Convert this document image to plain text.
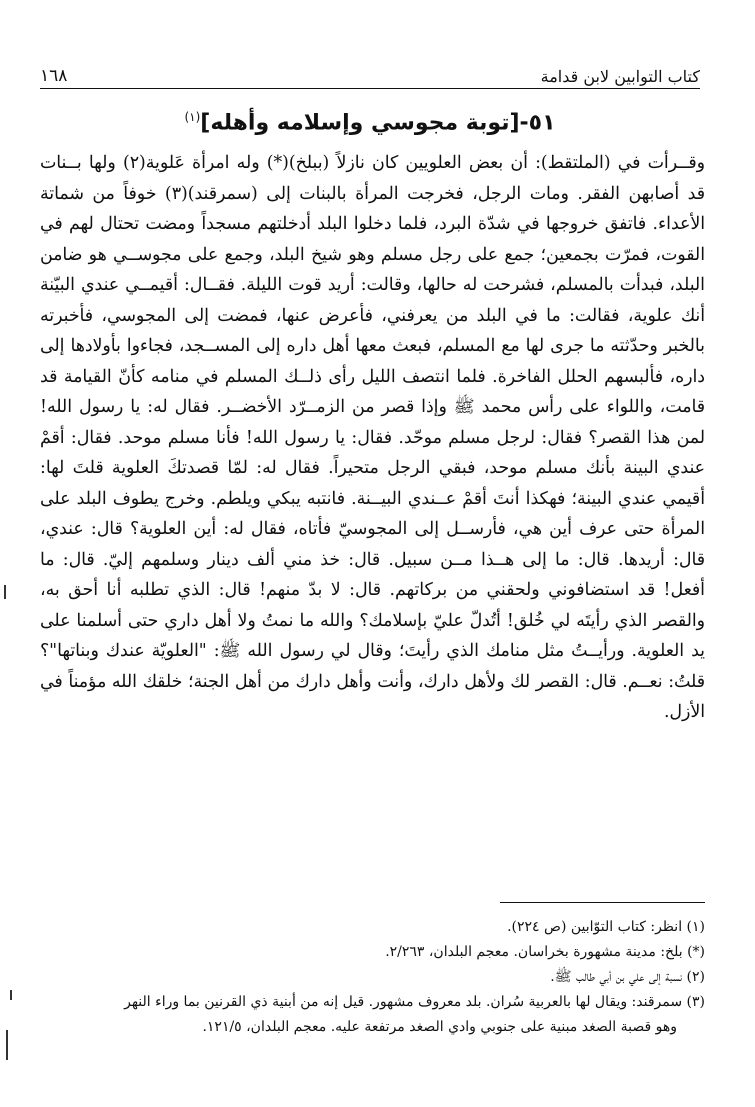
كتاب التوابين لابن قدامة
١٦٨
٥١-[توبة مجوسي وإسلامه وأهله]$^{(١)}$

وقــرأت في (الملتقط): أن بعض العلويين كان نازلاً (ببلخ)(*) وله امرأة عَلوية(٢) ولها بــنات قد أصابهن الفقر. ومات الرجل، فخرجت المرأة بالبنات إلى (سمرقند)(٣) خوفاً من شماتة الأعداء. فاتفق خروجها في شدّة البرد، فلما دخلوا البلد أدخلتهم مسجداً ومضت تحتال لهم في القوت، فمرّت بجمعين؛ جمع على رجل مسلم وهو شيخ البلد، وجمع على مجوســي هو ضامن البلد، فبدأت بالمسلم، فشرحت له حالها، وقالت: أريد قوت الليلة. فقــال: أقيمــي عندي البيّنة أنك علوية، فقالت: ما في البلد من يعرفني، فأعرض عنها، فمضت إلى المجوسي، فأخبرته بالخبر وحدّثته ما جرى لها مع المسلم، فبعث معها أهل داره إلى المســجد، فجاءوا بأولادها إلى داره، فألبسهم الحلل الفاخرة. فلما انتصف الليل رأى ذلــك المسلم في منامه كأنّ القيامة قد قامت، واللواء على رأس محمد ﷺ وإذا قصر من الزمــرّد الأخضــر. فقال له: يا رسول الله! لمن هذا القصر؟ فقال: لرجل مسلم موحّد. فقال: يا رسول الله! فأنا مسلم موحد. فقال: أقمْ عندي البينة بأنك مسلم موحد، فبقي الرجل متحيراً. فقال له: لمّا قصدتكَ العلوية قلتَ لها: أقيمي عندي البينة؛ فهكذا أنتَ أقمْ عــندي البيــنة. فانتبه يبكي ويلطم. وخرج يطوف البلد على المرأة حتى عرف أين هي، فأرســل إلى المجوسيّ فأتاه، فقال له: أين العلوية؟ قال: عندي، قال: أريدها. قال: ما إلى هــذا مــن سبيل. قال: خذ مني ألف دينار وسلمهم إليّ. قال: ما أفعل! قد استضافوني ولحقني من بركاتهم. قال: لا بدّ منهم! قال: الذي تطلبه أنا أحق به، والقصر الذي رأيتَه لي خُلق! أتُدلّ عليّ بإسلامك؟ والله ما نمتُ ولا أهل داري حتى أسلمنا على يد العلوية. ورأيــتُ مثل منامك الذي رأيتَ؛ وقال لي رسول الله ﷺ: "العلويّة عندك وبناتها"؟ قلتُ: نعــم. قال: القصر لك ولأهل دارك، وأنت وأهل دارك من أهل الجنة؛ خلقك الله مؤمناً في الأزل.

(١) انظر: كتاب التوّابين (ص ٢٢٤).

(*) بلخ: مدينة مشهورة بخراسان. معجم البلدان، ٢/٢٦٣.

(٢) نسبة إلى علي بن أبي طالب ﷺ.

(٣) سمرقند: ويقال لها بالعربية سُران. بلد معروف مشهور. قيل إنه من أبنية ذي القرنين بما وراء النهر

وهو قصبة الصغد مبنية على جنوبي وادي الصغد مرتفعة عليه. معجم البلدان، ١٢١/٥.
